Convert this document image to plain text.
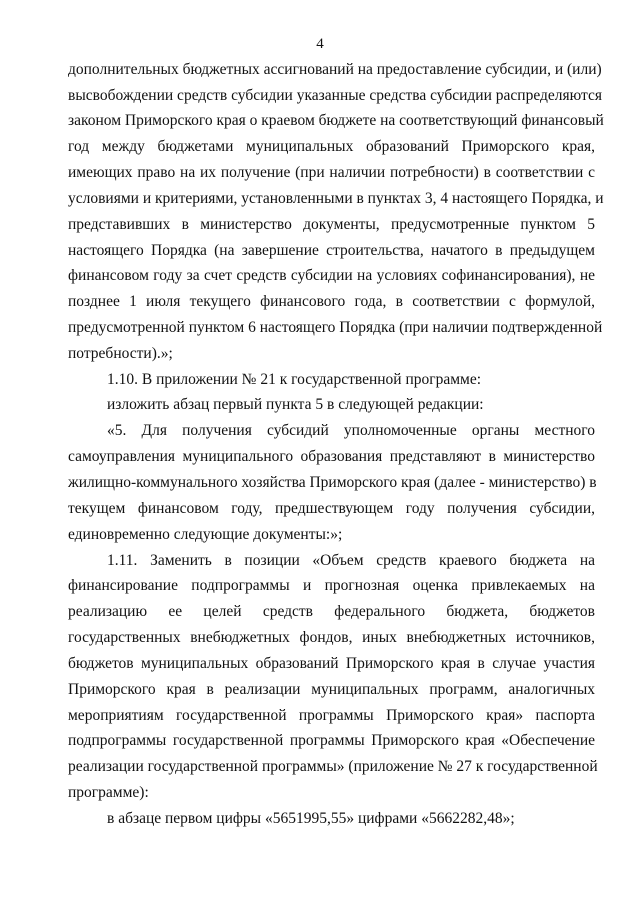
4
дополнительных бюджетных ассигнований на предоставление субсидии, и (или)
высвобождении средств субсидии указанные средства субсидии распределяются
законом Приморского края о краевом бюджете на соответствующий финансовый
год между бюджетами муниципальных образований Приморского края,
имеющих право на их получение (при наличии потребности) в соответствии с
условиями и критериями, установленными в пунктах 3, 4 настоящего Порядка, и
представивших в министерство документы, предусмотренные пунктом 5
настоящего Порядка (на завершение строительства, начатого в предыдущем
финансовом году за счет средств субсидии на условиях софинансирования), не
позднее 1 июля текущего финансового года, в соответствии с формулой,
предусмотренной пунктом 6 настоящего Порядка (при наличии подтвержденной
потребности).»;
1.10. В приложении № 21 к государственной программе:
изложить абзац первый пункта 5 в следующей редакции:
«5. Для получения субсидий уполномоченные органы местного
самоуправления муниципального образования представляют в министерство
жилищно-коммунального хозяйства Приморского края (далее - министерство) в
текущем финансовом году, предшествующем году получения субсидии,
единовременно следующие документы:»;
1.11. Заменить в позиции «Объем средств краевого бюджета на
финансирование подпрограммы и прогнозная оценка привлекаемых на
реализацию ее целей средств федерального бюджета, бюджетов
государственных внебюджетных фондов, иных внебюджетных источников,
бюджетов муниципальных образований Приморского края в случае участия
Приморского края в реализации муниципальных программ, аналогичных
мероприятиям государственной программы Приморского края» паспорта
подпрограммы государственной программы Приморского края «Обеспечение
реализации государственной программы» (приложение № 27 к государственной
программе):
в абзаце первом цифры «5651995,55» цифрами «5662282,48»;
